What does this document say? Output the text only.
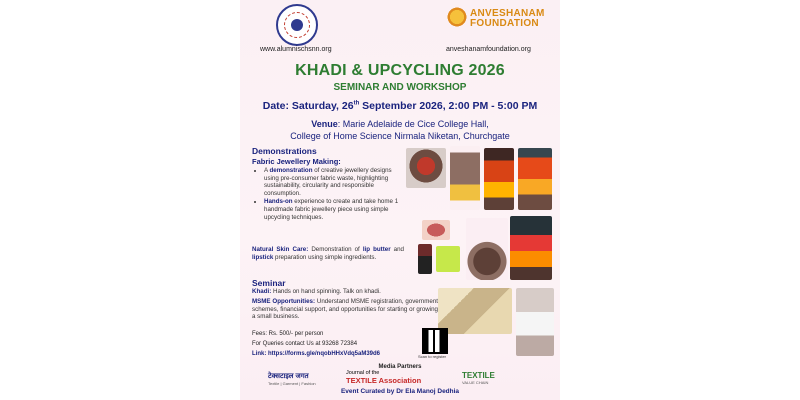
www.alumnischsnn.org
ANVESHANAM FOUNDATION
anveshanamfoundation.org
KHADI & UPCYCLING 2026
SEMINAR AND WORKSHOP
Date: Saturday, 26th September 2026, 2:00 PM - 5:00 PM
Venue: Marie Adelaide de Cice College Hall,
College of Home Science Nirmala Niketan, Churchgate
Demonstrations
Fabric Jewellery Making:
• A demonstration of creative jewellery designs using pre-consumer fabric waste, highlighting sustainability, circularity and responsible consumption.
• Hands-on experience to create and take home 1 handmade fabric jewellery piece using simple upcycling techniques.
Natural Skin Care: Demonstration of lip butter and lipstick preparation using simple ingredients.
Seminar
Khadi: Hands on hand spinning. Talk on khadi.
MSME Opportunities: Understand MSME registration, government schemes, financial support, and opportunities for starting or growing a small business.
Fees: Rs. 500/- per person
For Queries contact Us at 93268 72384
Link: https://forms.gle/nqobHHxVdq5aM39d6	Scan to register
Media Partners
टेक्सटाइल जगत
Textile | Garment | Fashion
Journal of the
TEXTILE Association
TEXTILE
VALUE CHAIN
Event Curated by Dr Ela Manoj Dedhia
